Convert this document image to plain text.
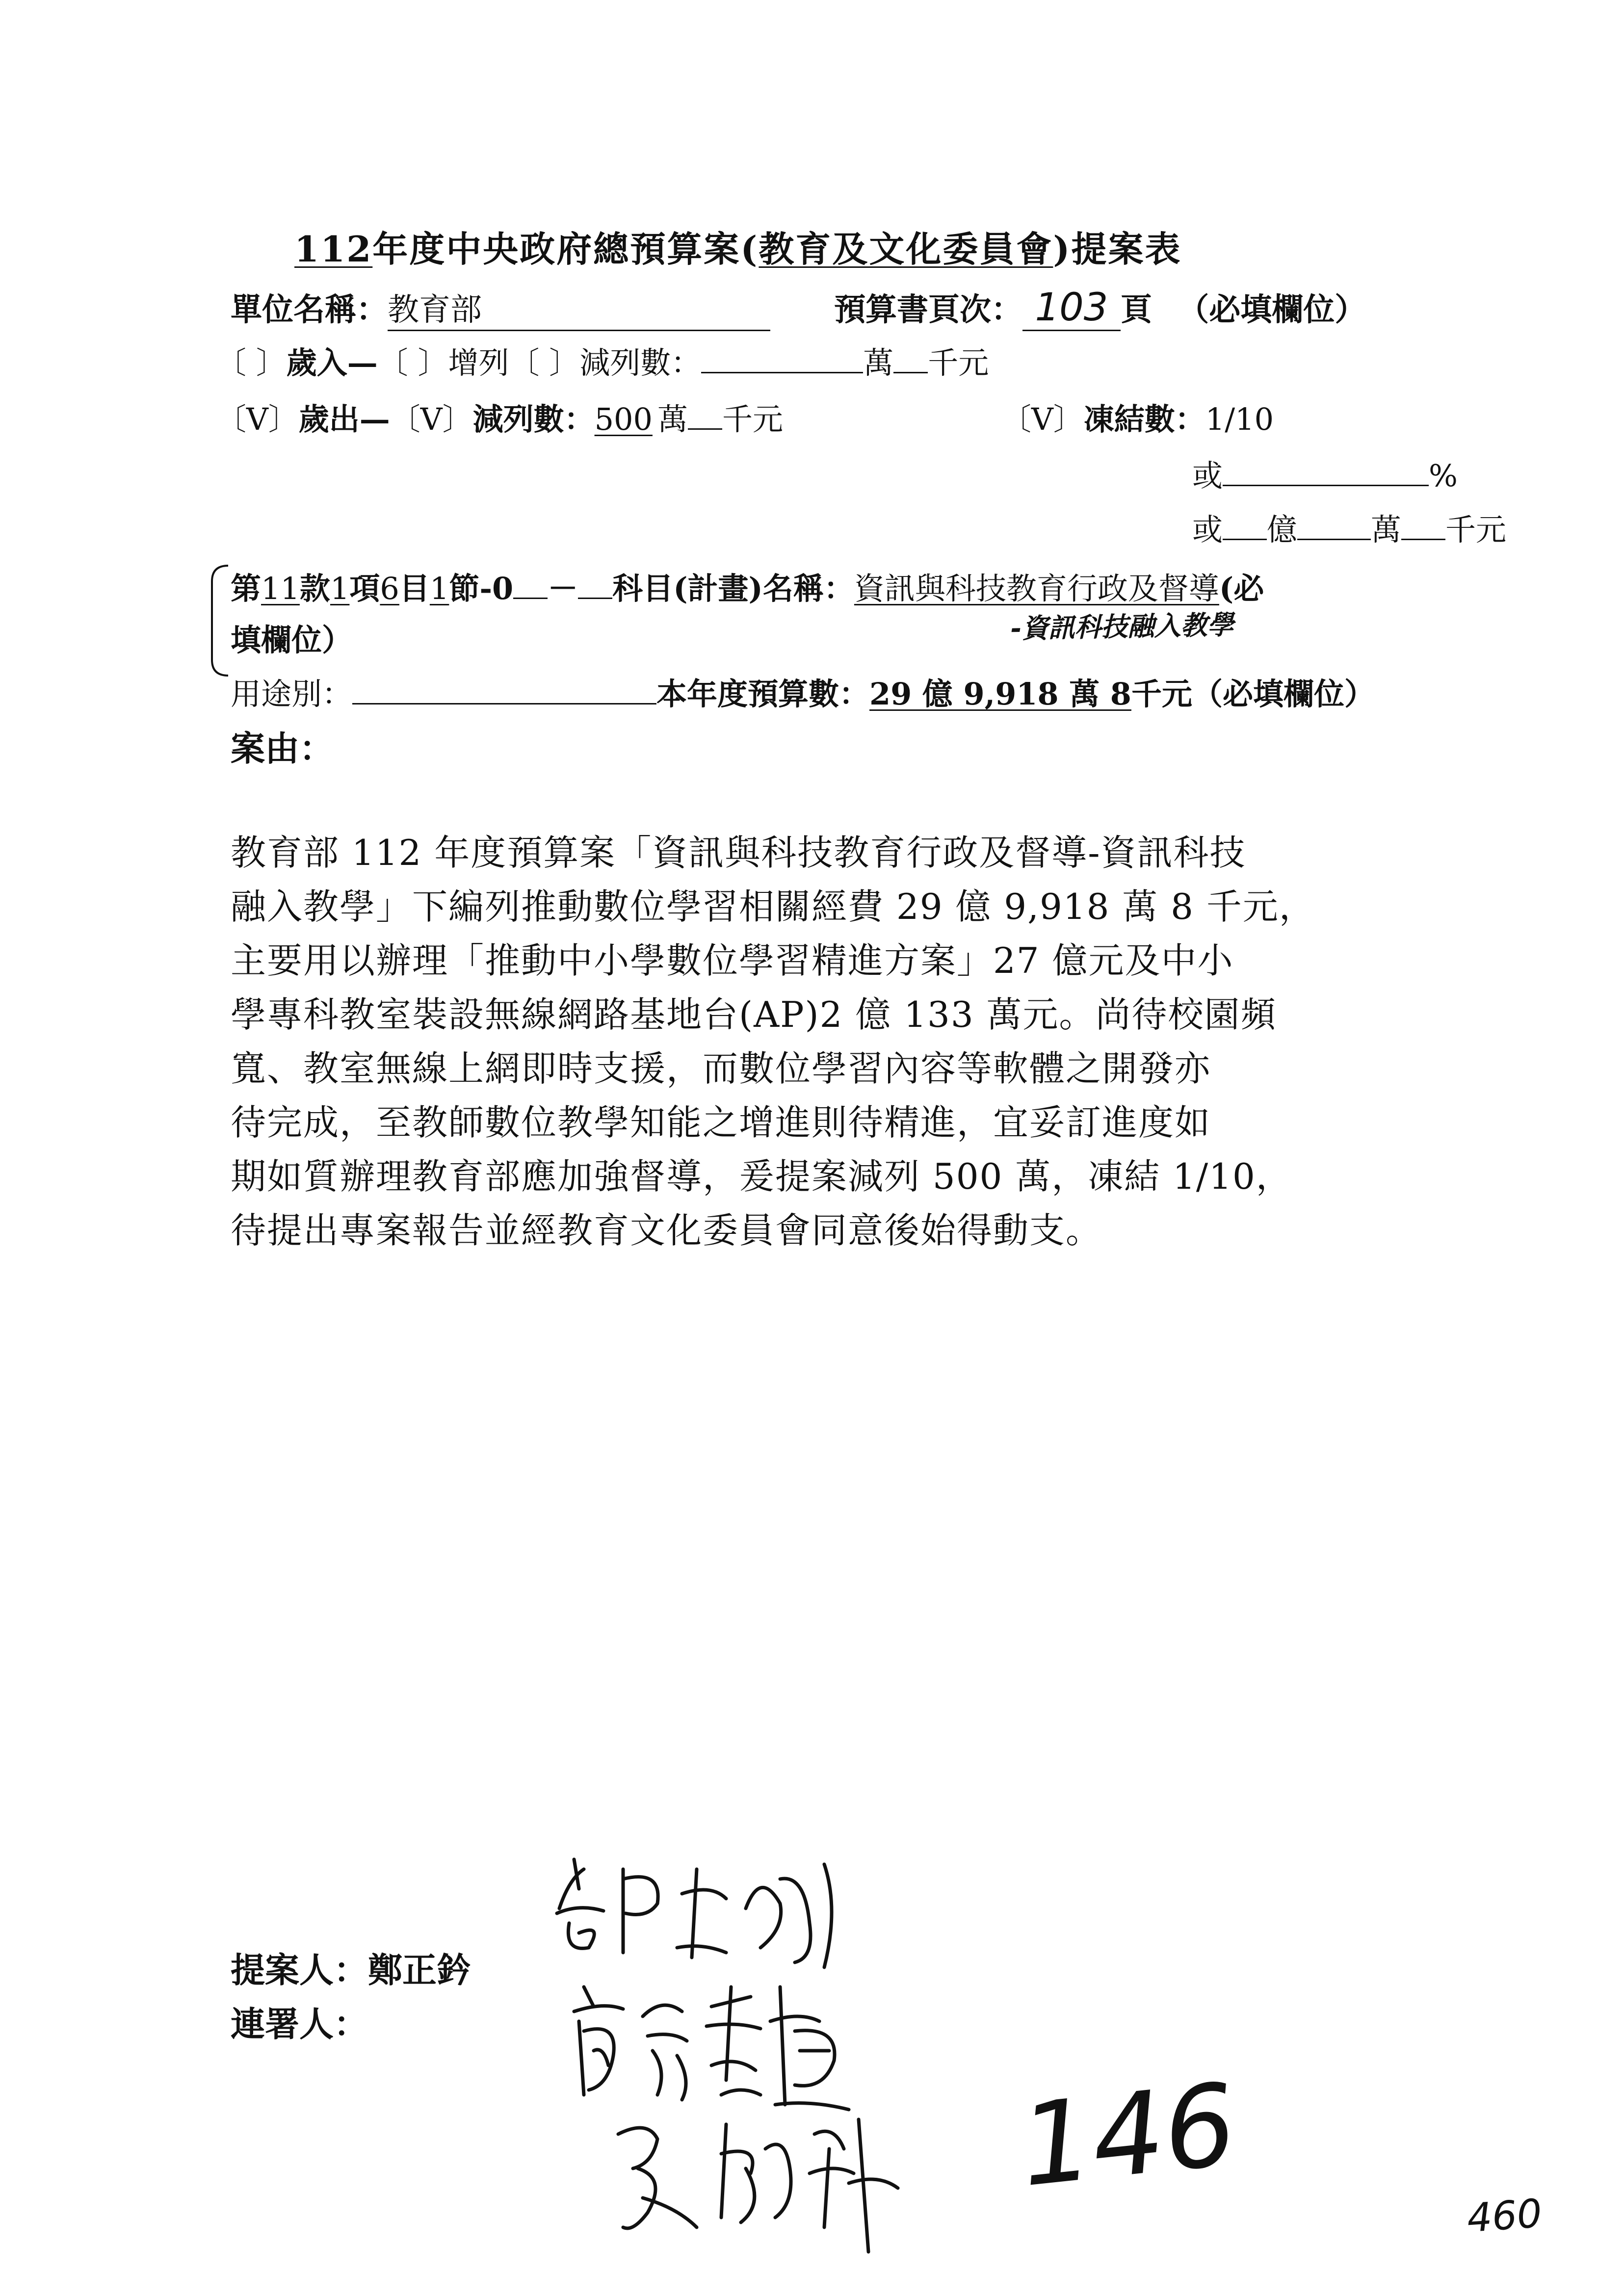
112年度中央政府總預算案(教育及文化委員會)提案表
單位名稱：教育部	預算書頁次： 103 頁 （必填欄位）
〔 〕歲入—〔 〕增列〔 〕減列數：	萬 千元
〔V〕歲出—〔V〕減列數：500 萬 千元	〔V〕凍結數：1/10
或	%
或 億 萬 千元
第11款1項6目1節-0 － 科目(計畫)名稱：資訊與科技教育行政及督導(必
填欄位）	-資訊科技融入教學
用途別：	本年度預算數：29 億 9,918 萬 8千元（必填欄位）
案由：
教育部 112 年度預算案「資訊與科技教育行政及督導-資訊科技
融入教學」下編列推動數位學習相關經費 29 億 9,918 萬 8 千元，
主要用以辦理「推動中小學數位學習精進方案」27 億元及中小
學專科教室裝設無線網路基地台(AP)2 億 133 萬元。尚待校園頻
寬、教室無線上網即時支援，而數位學習內容等軟體之開發亦
待完成，至教師數位教學知能之增進則待精進，宜妥訂進度如
期如質辦理教育部應加強督導，爰提案減列 500 萬，凍結 1/10，
待提出專案報告並經教育文化委員會同意後始得動支。
提案人：鄭正鈐
連署人：
146
460
